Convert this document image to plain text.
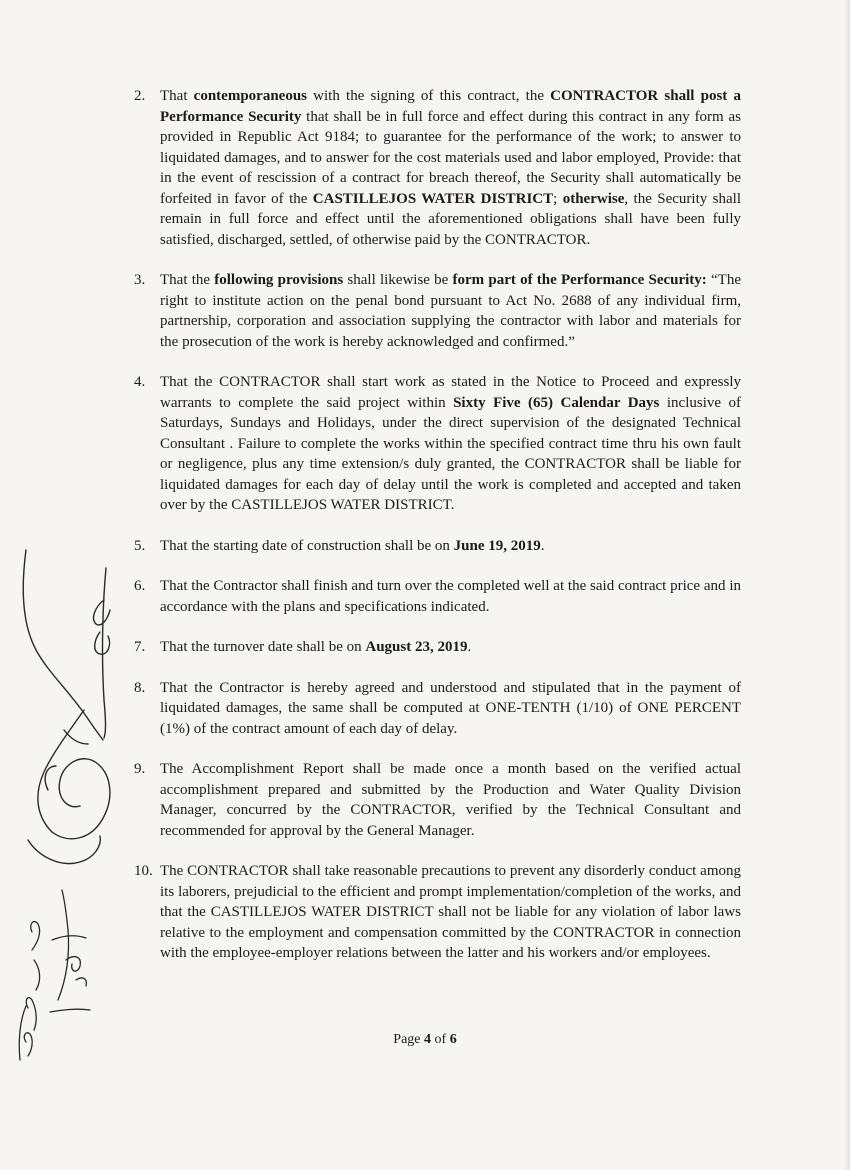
2. That contemporaneous with the signing of this contract, the CONTRACTOR shall post a Performance Security that shall be in full force and effect during this contract in any form as provided in Republic Act 9184; to guarantee for the performance of the work; to answer to liquidated damages, and to answer for the cost materials used and labor employed, Provide: that in the event of rescission of a contract for breach thereof, the Security shall automatically be forfeited in favor of the CASTILLEJOS WATER DISTRICT; otherwise, the Security shall remain in full force and effect until the aforementioned obligations shall have been fully satisfied, discharged, settled, of otherwise paid by the CONTRACTOR.
3. That the following provisions shall likewise be form part of the Performance Security: “The right to institute action on the penal bond pursuant to Act No. 2688 of any individual firm, partnership, corporation and association supplying the contractor with labor and materials for the prosecution of the work is hereby acknowledged and confirmed.”
4. That the CONTRACTOR shall start work as stated in the Notice to Proceed and expressly warrants to complete the said project within Sixty Five (65) Calendar Days inclusive of Saturdays, Sundays and Holidays, under the direct supervision of the designated Technical Consultant . Failure to complete the works within the specified contract time thru his own fault or negligence, plus any time extension/s duly granted, the CONTRACTOR shall be liable for liquidated damages for each day of delay until the work is completed and accepted and taken over by the CASTILLEJOS WATER DISTRICT.
5. That the starting date of construction shall be on June 19, 2019.
6. That the Contractor shall finish and turn over the completed well at the said contract price and in accordance with the plans and specifications indicated.
7. That the turnover date shall be on August 23, 2019.
8. That the Contractor is hereby agreed and understood and stipulated that in the payment of liquidated damages, the same shall be computed at ONE-TENTH (1/10) of ONE PERCENT (1%) of the contract amount of each day of delay.
9. The Accomplishment Report shall be made once a month based on the verified actual accomplishment prepared and submitted by the Production and Water Quality Division Manager, concurred by the CONTRACTOR, verified by the Technical Consultant and recommended for approval by the General Manager.
10. The CONTRACTOR shall take reasonable precautions to prevent any disorderly conduct among its laborers, prejudicial to the efficient and prompt implementation/completion of the works, and that the CASTILLEJOS WATER DISTRICT shall not be liable for any violation of labor laws relative to the employment and compensation committed by the CONTRACTOR in connection with the employee-employer relations between the latter and his workers and/or employees.
Page 4 of 6
